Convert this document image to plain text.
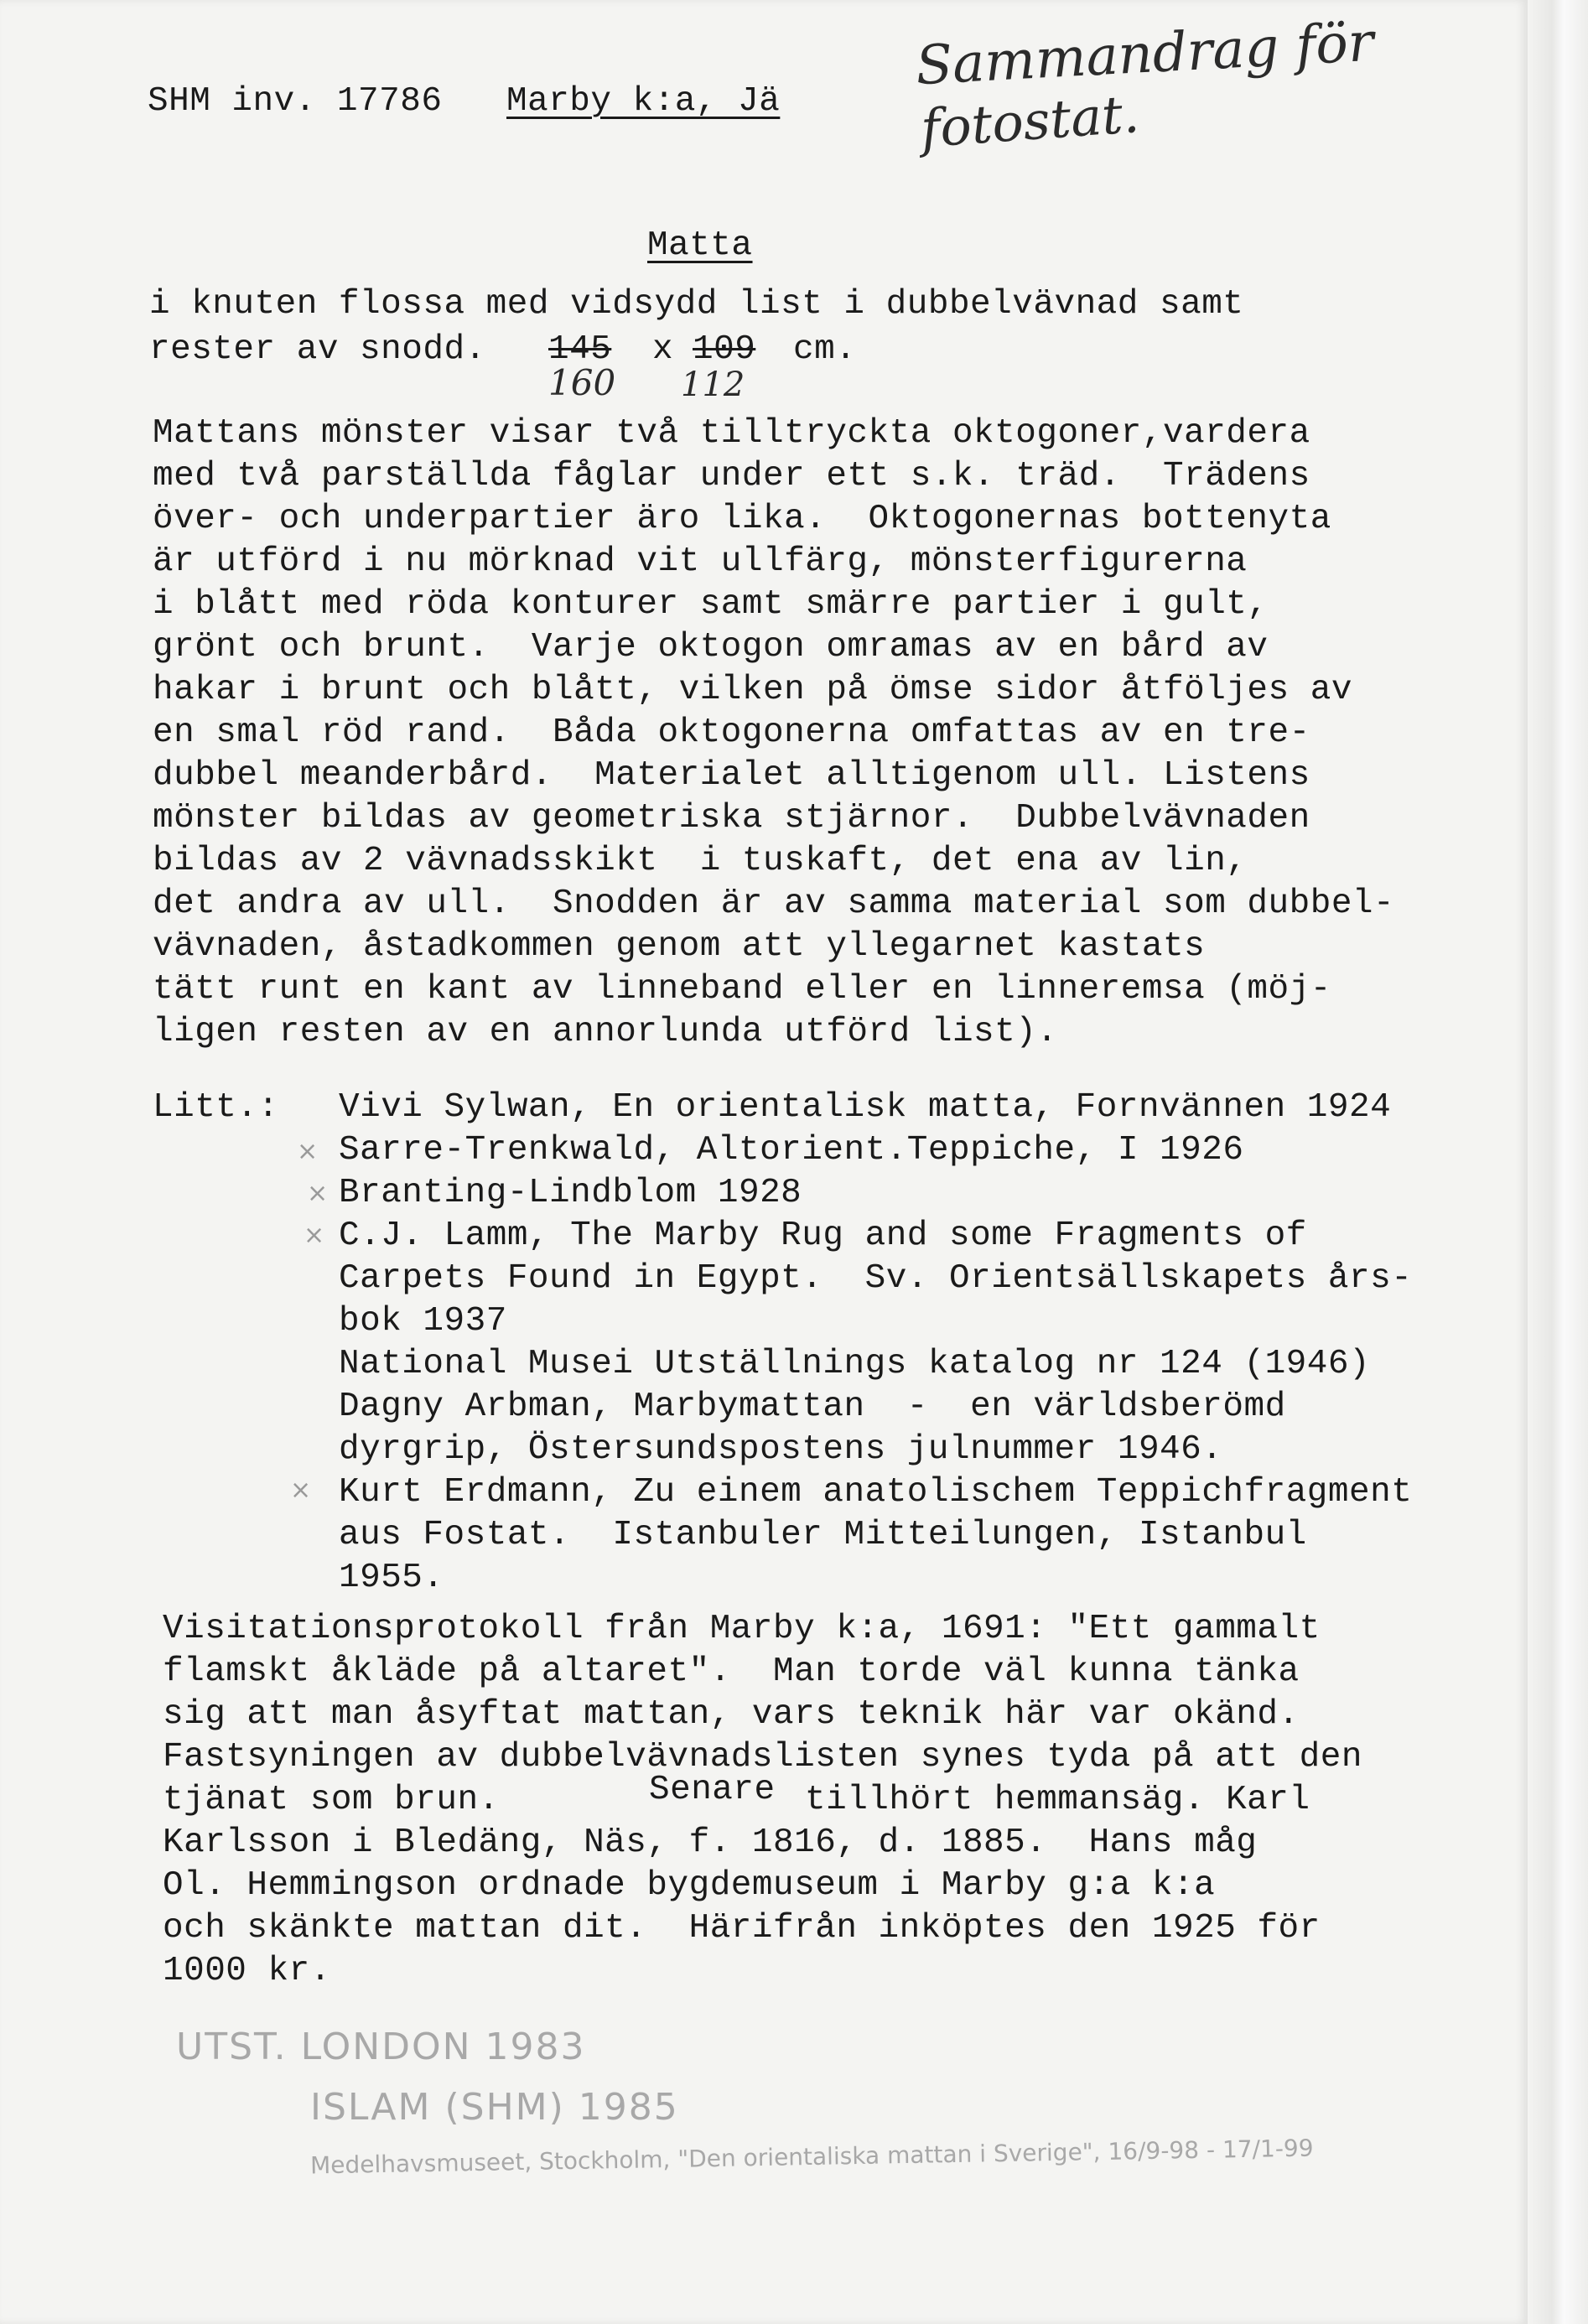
SHM inv. 17786 Marby k:a, Jä
Sammandrag för
fotostat.
Matta
i knuten flossa med vidsydd list i dubbelvävnad samt
rester av snodd. 145 x 109 cm.
160 112
Mattans mönster visar två tilltryckta oktogoner,vardera
med två parställda fåglar under ett s.k. träd.  Trädens
över- och underpartier äro lika.  Oktogonernas bottenyta
är utförd i nu mörknad vit ullfärg, mönsterfigurerna
i blått med röda konturer samt smärre partier i gult,
grönt och brunt.  Varje oktogon omramas av en bård av
hakar i brunt och blått, vilken på ömse sidor åtföljes av
en smal röd rand.  Båda oktogonerna omfattas av en tre-
dubbel meanderbård.  Materialet alltigenom ull. Listens
mönster bildas av geometriska stjärnor.  Dubbelvävnaden
bildas av 2 vävnadsskikt  i tuskaft, det ena av lin,
det andra av ull.  Snodden är av samma material som dubbel-
vävnaden, åstadkommen genom att yllegarnet kastats
tätt runt en kant av linneband eller en linneremsa (möj-
ligen resten av en annorlunda utförd list).
Litt.: Vivi Sylwan, En orientalisk matta, Fornvännen 1924
Sarre-Trenkwald, Altorient.Teppiche, I 1926
Branting-Lindblom 1928
C.J. Lamm, The Marby Rug and some Fragments of
Carpets Found in Egypt.  Sv. Orientsällskapets års-
bok 1937
National Musei Utställnings katalog nr 124 (1946)
Dagny Arbman, Marbymattan  -  en världsberömd
dyrgrip, Östersundspostens julnummer 1946.
Kurt Erdmann, Zu einem anatolischem Teppichfragment
aus Fostat.  Istanbuler Mitteilungen, Istanbul
1955.
×
×
×
×
Visitationsprotokoll från Marby k:a, 1691: "Ett gammalt
flamskt åkläde på altaret".  Man torde väl kunna tänka
sig att man åsyftat mattan, vars teknik här var okänd.
Fastsyningen av dubbelvävnadslisten synes tyda på att den
tjänat som brun.	Senare tillhört hemmansäg. Karl
Karlsson i Bledäng, Näs, f. 1816, d. 1885.  Hans måg
Ol. Hemmingson ordnade bygdemuseum i Marby g:a k:a
och skänkte mattan dit.  Härifrån inköptes den 1925 för
1000 kr.
UTST. LONDON 1983
ISLAM (SHM) 1985
Medelhavsmuseet, Stockholm, "Den orientaliska mattan i Sverige", 16/9-98 - 17/1-99
